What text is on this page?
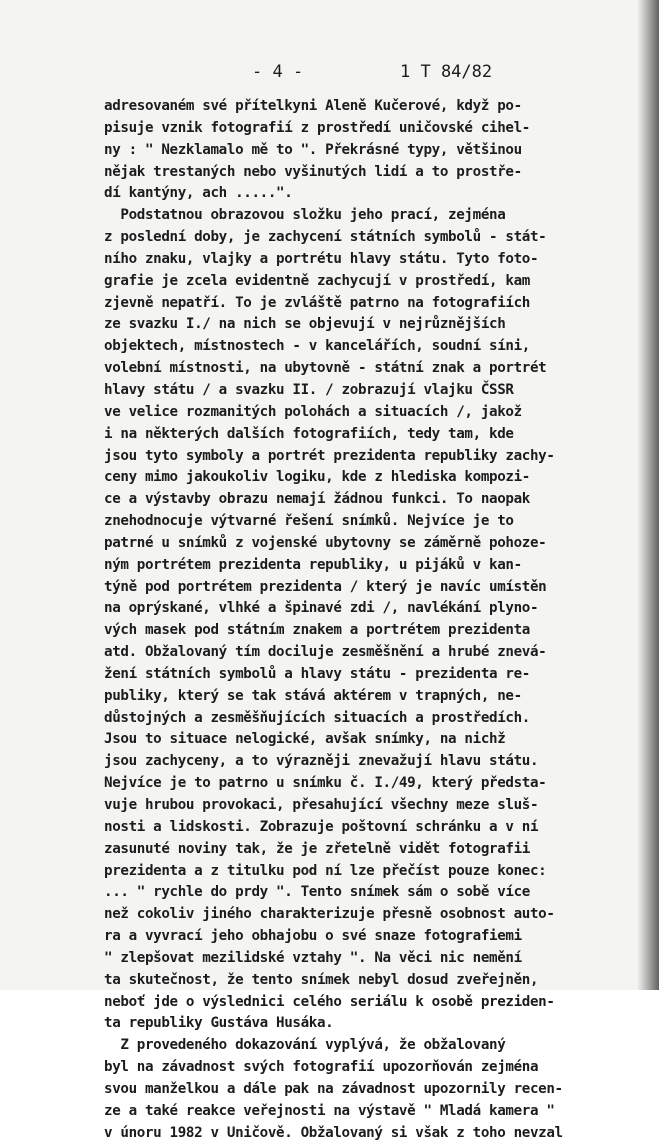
- 4 -	1 T 84/82
adresovaném své přítelkyni Aleně Kučerové, když po-
pisuje vznik fotografií z prostředí uničovské cihel-
ny : " Nezklamalo mě to ". Překrásné typy, většinou
nějak trestaných nebo vyšinutých lidí a to prostře-
dí kantýny, ach .....".
Podstatnou obrazovou složku jeho prací, zejména
z poslední doby, je zachycení státních symbolů - stát-
ního znaku, vlajky a portrétu hlavy státu. Tyto foto-
grafie je zcela evidentně zachycují v prostředí, kam
zjevně nepatří. To je zvláště patrno na fotografiích
ze svazku I./ na nich se objevují v nejrůznějších
objektech, místnostech - v kancelářích, soudní síni,
volební místnosti, na ubytovně - státní znak a portrét
hlavy státu / a svazku II. / zobrazují vlajku ČSSR
ve velice rozmanitých polohách a situacích /, jakož
i na některých dalších fotografiích, tedy tam, kde
jsou tyto symboly a portrét prezidenta republiky zachy-
ceny mimo jakoukoliv logiku, kde z hlediska kompozi-
ce a výstavby obrazu nemají žádnou funkci. To naopak
znehodnocuje výtvarné řešení snímků. Nejvíce je to
patrné u snímků z vojenské ubytovny se záměrně pohoze-
ným portrétem prezidenta republiky, u pijáků v kan-
týně pod portrétem prezidenta / který je navíc umístěn
na oprýskané, vlhké a špinavé zdi /, navlékání plyno-
vých masek pod státním znakem a portrétem prezidenta
atd. Obžalovaný tím dociluje zesměšnění a hrubé znevá-
žení státních symbolů a hlavy státu - prezidenta re-
publiky, který se tak stává aktérem v trapných, ne-
důstojných a zesměšňujících situacích a prostředích.
Jsou to situace nelogické, avšak snímky, na nichž
jsou zachyceny, a to výrazněji znevažují hlavu státu.
Nejvíce je to patrno u snímku č. I./49, který předsta-
vuje hrubou provokaci, přesahující všechny meze sluš-
nosti a lidskosti. Zobrazuje poštovní schránku a v ní
zasunuté noviny tak, že je zřetelně vidět fotografii
prezidenta a z titulku pod ní lze přečíst pouze konec:
... " rychle do prdy ". Tento snímek sám o sobě více
než cokoliv jiného charakterizuje přesně osobnost auto-
ra a vyvrací jeho obhajobu o své snaze fotografiemi
" zlepšovat mezilidské vztahy ". Na věci nic nemění
ta skutečnost, že tento snímek nebyl dosud zveřejněn,
neboť jde o výslednici celého seriálu k osobě preziden-
ta republiky Gustáva Husáka.
Z provedeného dokazování vyplývá, že obžalovaný
byl na závadnost svých fotografií upozorňován zejména
svou manželkou a dále pak na závadnost upozornily recen-
ze a také reakce veřejnosti na výstavě " Mladá kamera "
v únoru 1982 v Uničově. Obžalovaný si však z toho nevzal
